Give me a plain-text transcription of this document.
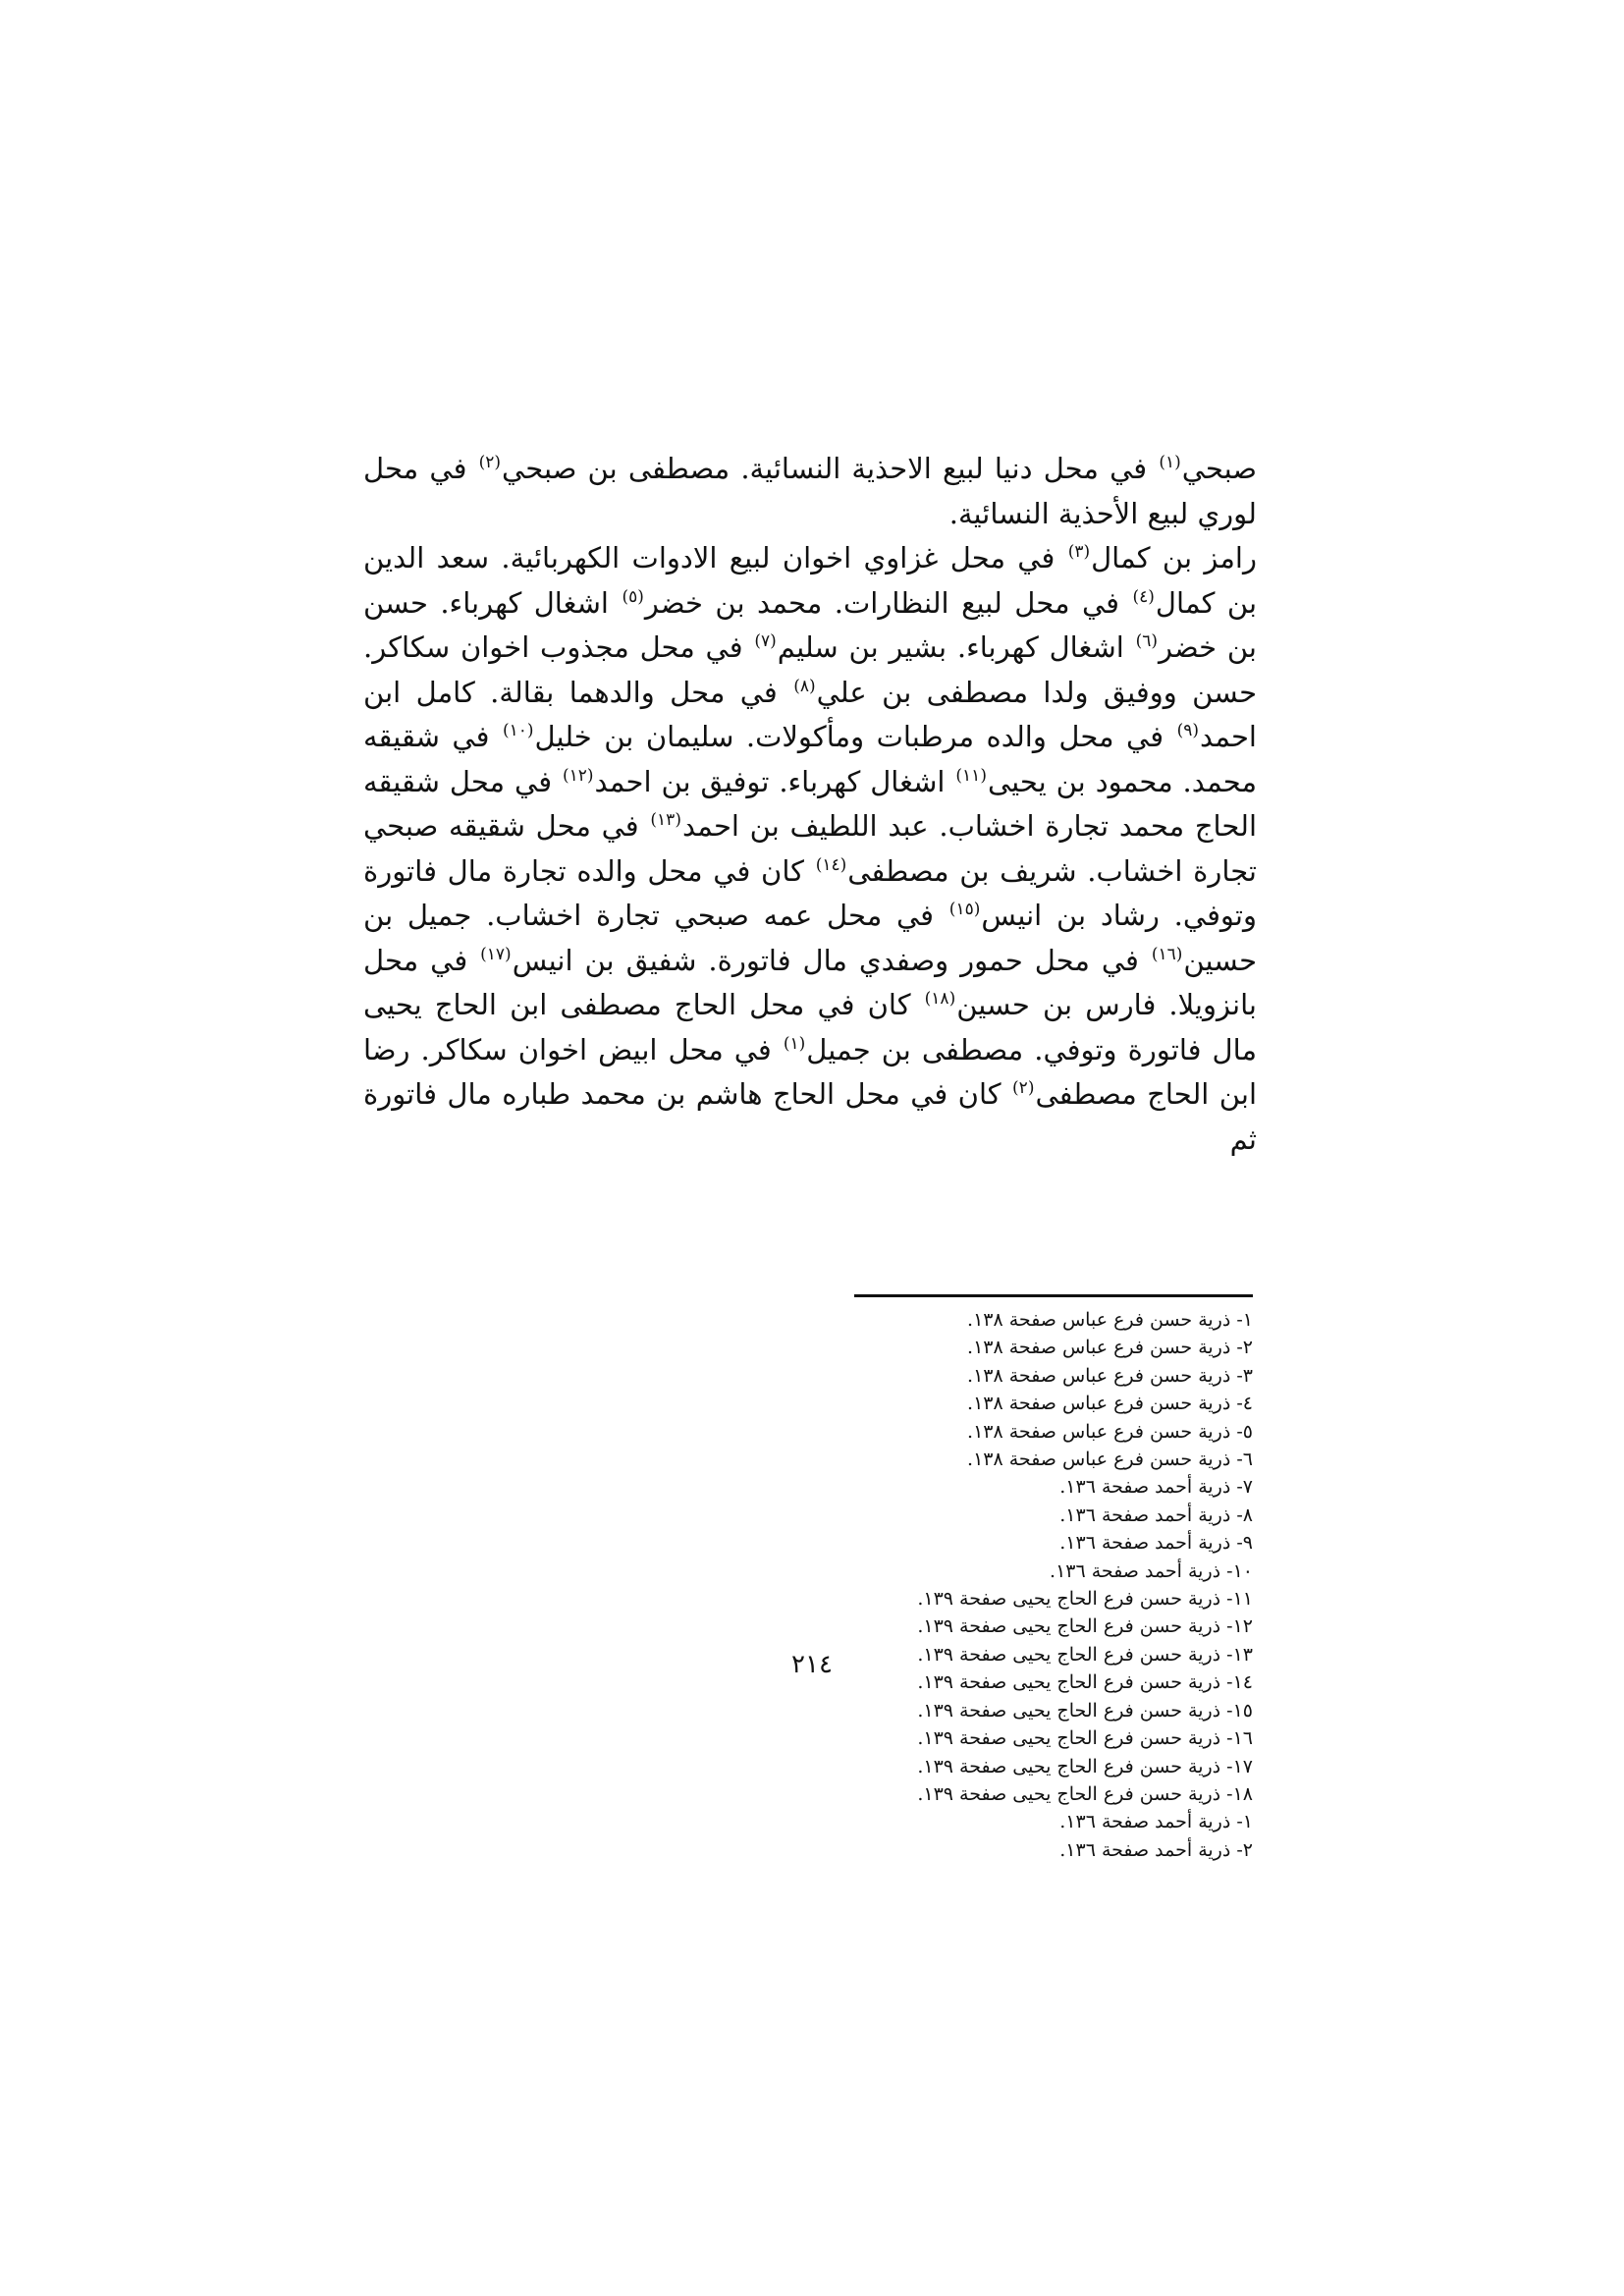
صبحي$^{(١)}$ في محل دنيا لبيع الاحذية النسائية. مصطفى بن صبحي$^{(٢)}$ في محل لوري لبيع الأحذية النسائية.

رامز بن كمال$^{(٣)}$ في محل غزاوي اخوان لبيع الادوات الكهربائية. سعد الدين بن كمال$^{(٤)}$ في محل لبيع النظارات. محمد بن خضر$^{(٥)}$ اشغال كهرباء. حسن بن خضر$^{(٦)}$ اشغال كهرباء. بشير بن سليم$^{(٧)}$ في محل مجذوب اخوان سكاكر. حسن ووفيق ولدا مصطفى بن علي$^{(٨)}$ في محل والدهما بقالة. كامل ابن احمد$^{(٩)}$ في محل والده مرطبات ومأكولات. سليمان بن خليل$^{(١٠)}$ في شقيقه محمد. محمود بن يحيى$^{(١١)}$ اشغال كهرباء. توفيق بن احمد$^{(١٢)}$ في محل شقيقه الحاج محمد تجارة اخشاب. عبد اللطيف بن احمد$^{(١٣)}$ في محل شقيقه صبحي تجارة اخشاب. شريف بن مصطفى$^{(١٤)}$ كان في محل والده تجارة مال فاتورة وتوفي. رشاد بن انيس$^{(١٥)}$ في محل عمه صبحي تجارة اخشاب. جميل بن حسين$^{(١٦)}$ في محل حمور وصفدي مال فاتورة. شفيق بن انيس$^{(١٧)}$ في محل بانزويلا. فارس بن حسين$^{(١٨)}$ كان في محل الحاج مصطفى ابن الحاج يحيى مال فاتورة وتوفي. مصطفى بن جميل$^{(١)}$ في محل ابيض اخوان سكاكر. رضا ابن الحاج مصطفى$^{(٢)}$ كان في محل الحاج هاشم بن محمد طباره مال فاتورة ثم

١- ذرية حسن فرع عباس صفحة ١٣٨.
٢- ذرية حسن فرع عباس صفحة ١٣٨.
٣- ذرية حسن فرع عباس صفحة ١٣٨.
٤- ذرية حسن فرع عباس صفحة ١٣٨.
٥- ذرية حسن فرع عباس صفحة ١٣٨.
٦- ذرية حسن فرع عباس صفحة ١٣٨.
٧- ذرية أحمد صفحة ١٣٦.
٨- ذرية أحمد صفحة ١٣٦.
٩- ذرية أحمد صفحة ١٣٦.
١٠- ذرية أحمد صفحة ١٣٦.
١١- ذرية حسن فرع الحاج يحيى صفحة ١٣٩.
١٢- ذرية حسن فرع الحاج يحيى صفحة ١٣٩.
١٣- ذرية حسن فرع الحاج يحيى صفحة ١٣٩.
١٤- ذرية حسن فرع الحاج يحيى صفحة ١٣٩.
١٥- ذرية حسن فرع الحاج يحيى صفحة ١٣٩.
١٦- ذرية حسن فرع الحاج يحيى صفحة ١٣٩.
١٧- ذرية حسن فرع الحاج يحيى صفحة ١٣٩.
١٨- ذرية حسن فرع الحاج يحيى صفحة ١٣٩.
١- ذرية أحمد صفحة ١٣٦.
٢- ذرية أحمد صفحة ١٣٦.
٢١٤
